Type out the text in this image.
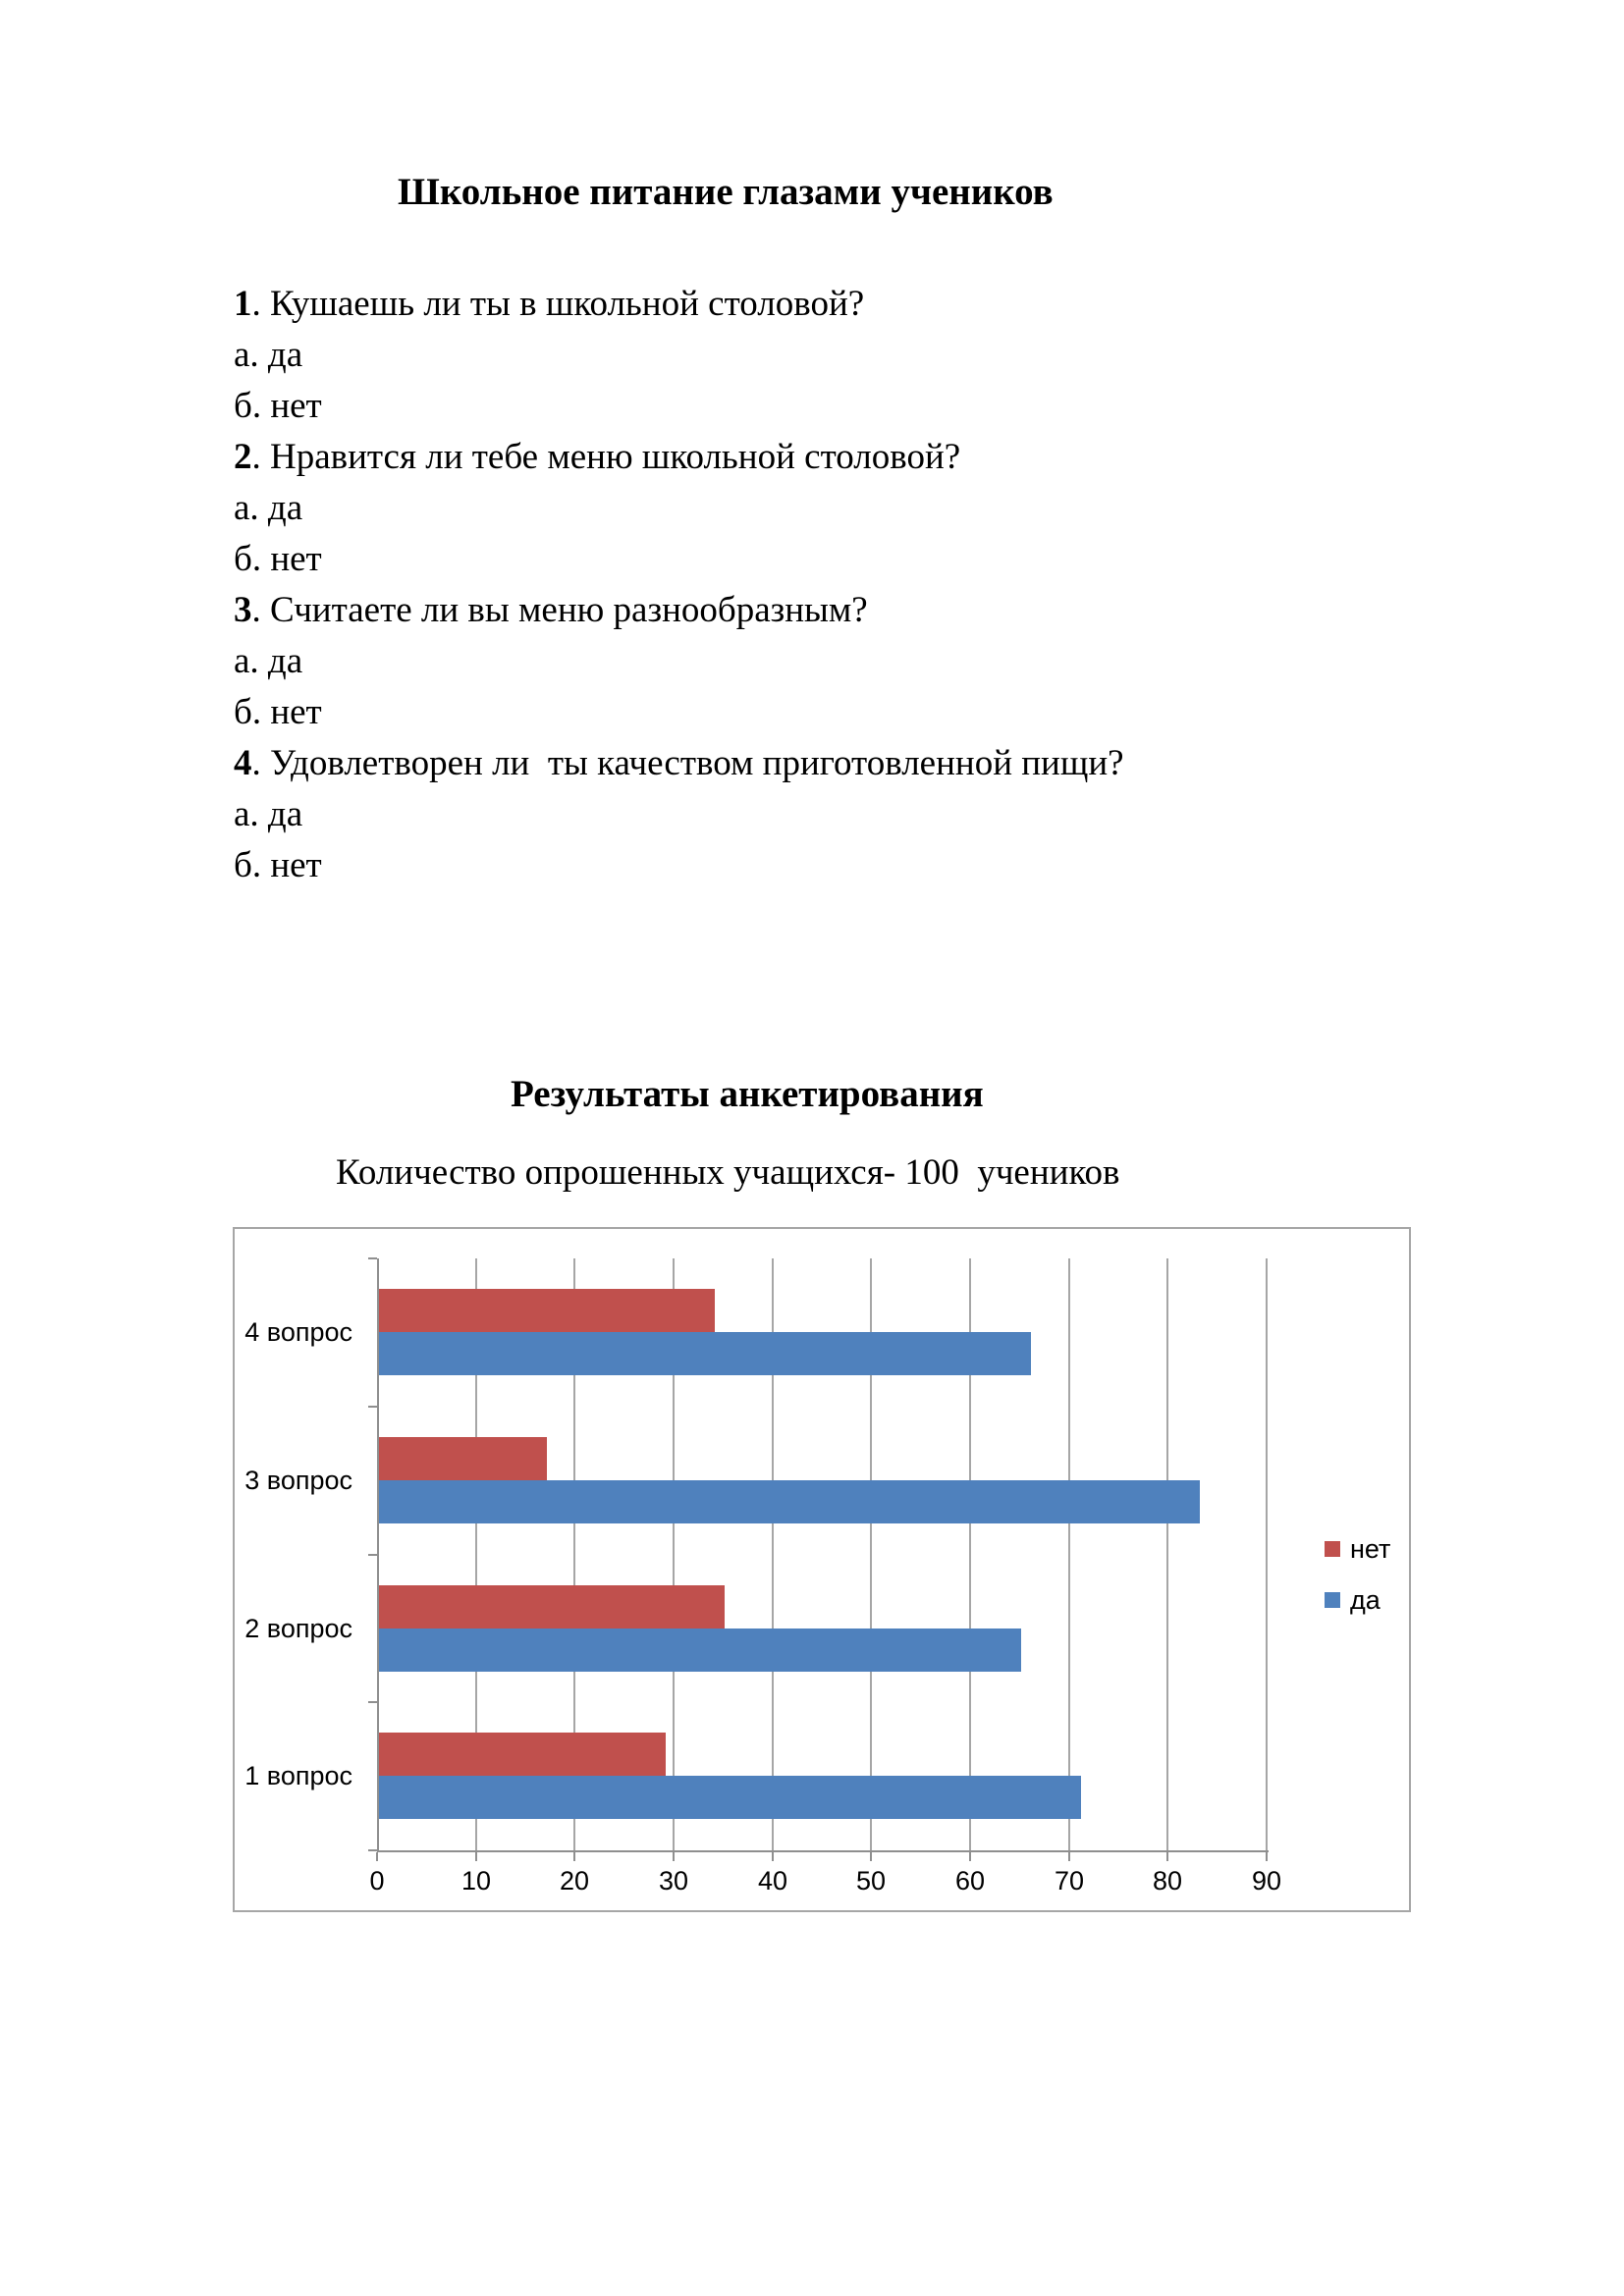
Школьное питание глазами учеников

1. Кушаешь ли ты в школьной столовой?

а. да

б. нет

2. Нравится ли тебе меню школьной столовой?

а. да

б. нет

3. Считаете ли вы меню разнообразным?

а. да

б. нет

4. Удовлетворен ли  ты качеством приготовленной пищи?

а. да

б. нет

Результаты анкетирования

Количество опрошенных учащихся- 100  учеников

0	10	20	30	40	50	60	70	80	90
4 вопрос
3 вопрос
2 вопрос
1 вопрос
нет
да
